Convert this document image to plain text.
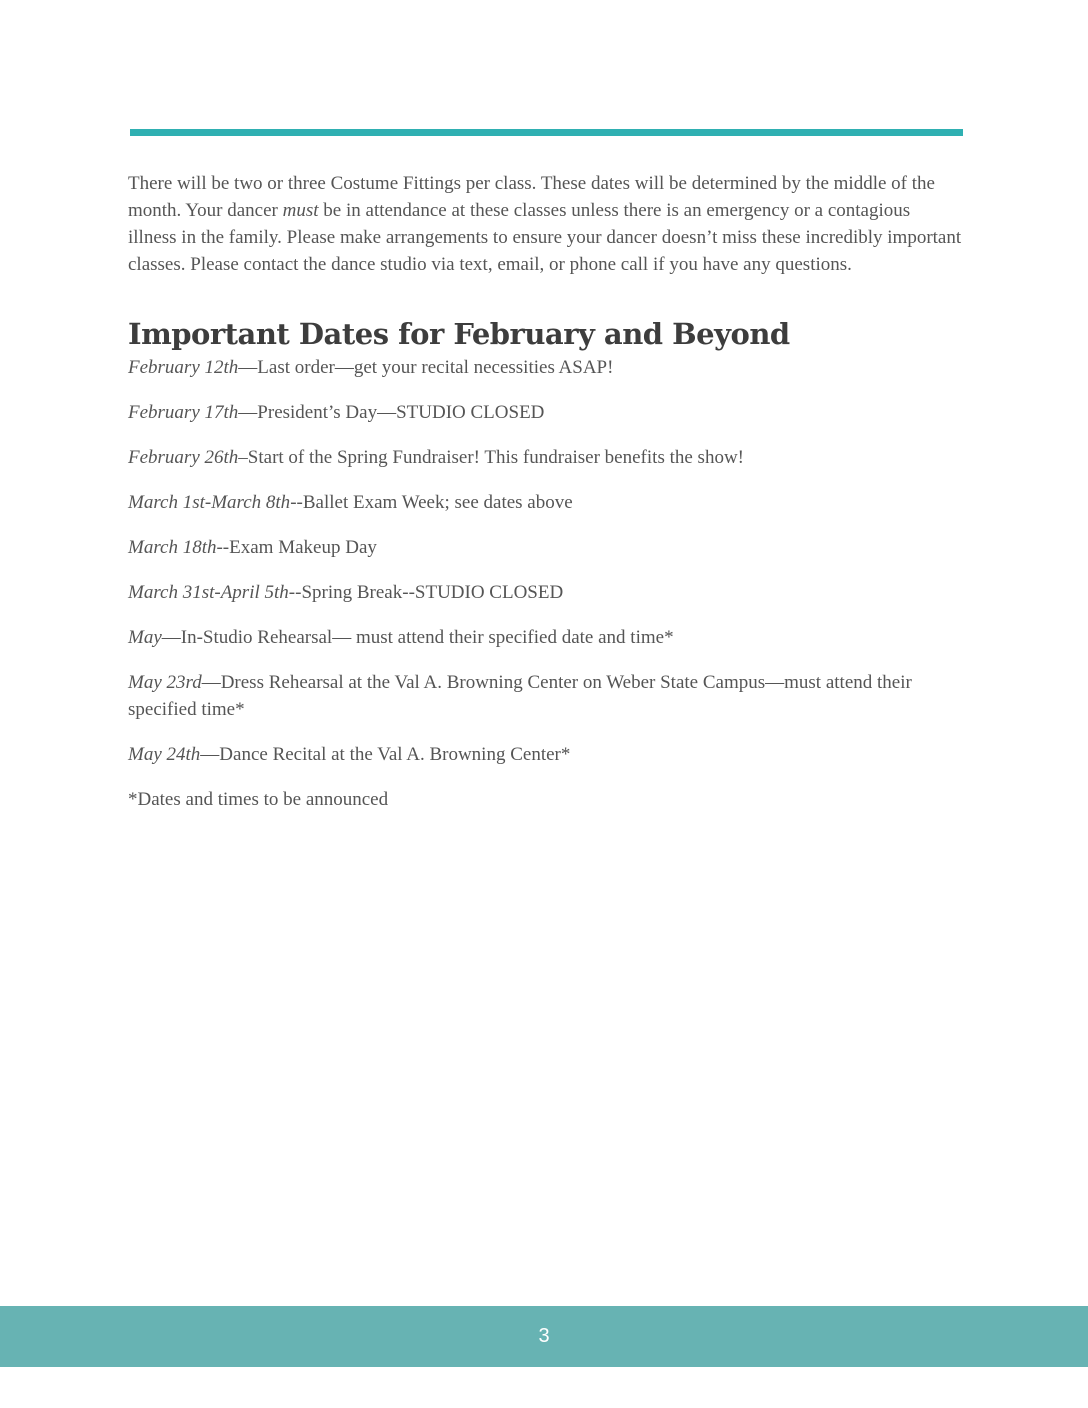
There will be two or three Costume Fittings per class. These dates will be determined by the middle of the month. Your dancer must be in attendance at these classes unless there is an emergency or a contagious illness in the family. Please make arrangements to ensure your dancer doesn’t miss these incredibly important classes. Please contact the dance studio via text, email, or phone call if you have any questions.

Important Dates for February and Beyond
February 12th—Last order—get your recital necessities ASAP!
February 17th—President’s Day—STUDIO CLOSED
February 26th–Start of the Spring Fundraiser! This fundraiser benefits the show!
March 1st-March 8th--Ballet Exam Week; see dates above
March 18th--Exam Makeup Day
March 31st-April 5th--Spring Break--STUDIO CLOSED
May—In-Studio Rehearsal— must attend their specified date and time*
May 23rd—Dress Rehearsal at the Val A. Browning Center on Weber State Campus—must attend their specified time*
May 24th—Dance Recital at the Val A. Browning Center*

*Dates and times to be announced

3
